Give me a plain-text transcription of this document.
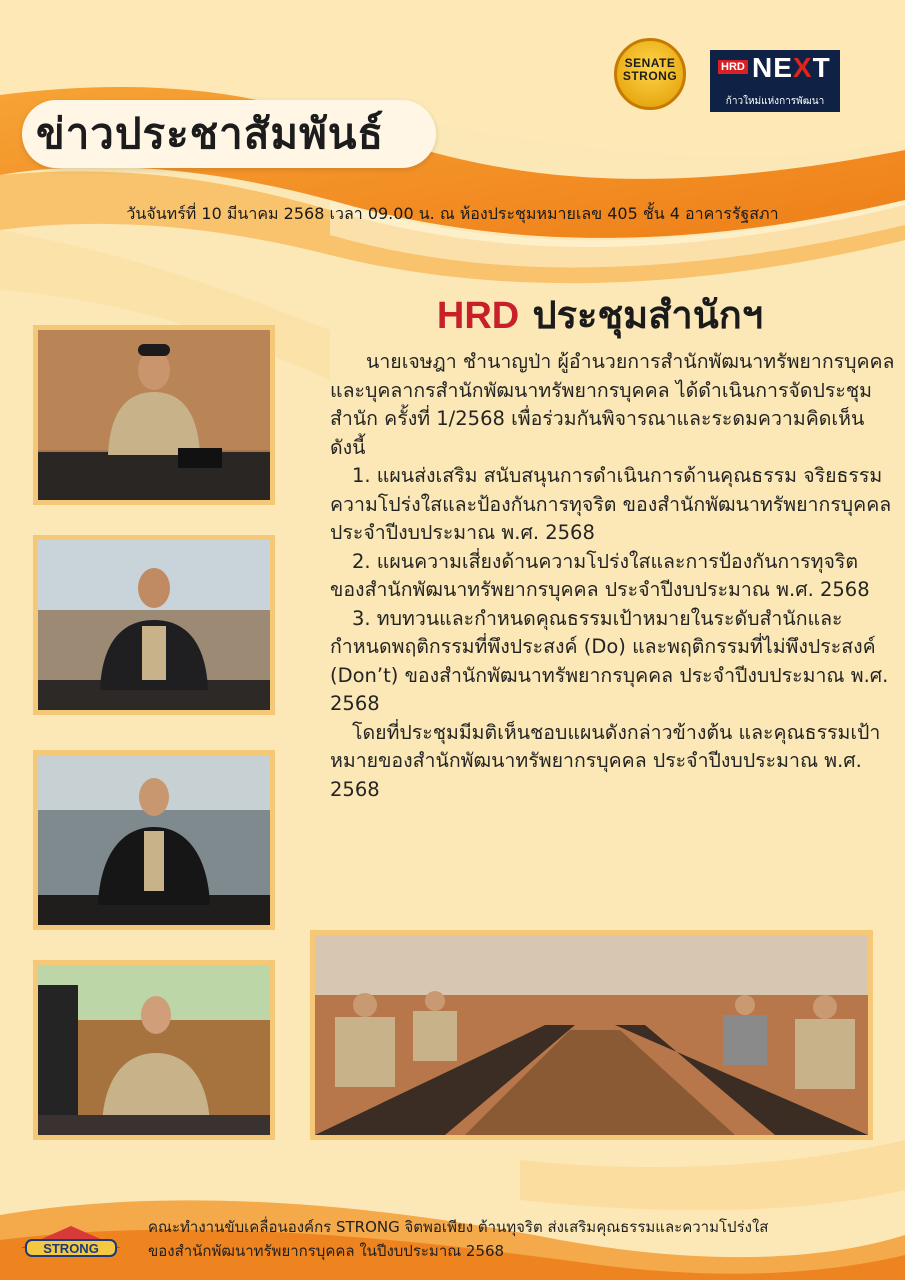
ข่าวประชาสัมพันธ์
วันจันทร์ที่ 10 มีนาคม 2568 เวลา 09.00 น. ณ ห้องประชุมหมายเลข 405 ชั้น 4 อาคารรัฐสภา
SENATE
STRONG
HRD NEXT
ก้าวใหม่แห่งการพัฒนา
HRD ประชุมสำนักฯ

นายเจษฎา ชำนาญป่า ผู้อำนวยการสำนักพัฒนาทรัพยากรบุคคล และบุคลากรสำนักพัฒนาทรัพยากรบุคคล ได้ดำเนินการจัดประชุมสำนัก ครั้งที่ 1/2568 เพื่อร่วมกันพิจารณาและระดมความคิดเห็น ดังนี้

1. แผนส่งเสริม สนับสนุนการดำเนินการด้านคุณธรรม จริยธรรม ความโปร่งใสและป้องกันการทุจริต ของสำนักพัฒนาทรัพยากรบุคคล ประจำปีงบประมาณ พ.ศ. 2568

2. แผนความเสี่ยงด้านความโปร่งใสและการป้องกันการทุจริต ของสำนักพัฒนาทรัพยากรบุคคล ประจำปีงบประมาณ พ.ศ. 2568

3. ทบทวนและกำหนดคุณธรรมเป้าหมายในระดับสำนักและกำหนดพฤติกรรมที่พึงประสงค์ (Do) และพฤติกรรมที่ไม่พึงประสงค์ (Don’t) ของสำนักพัฒนาทรัพยากรบุคคล ประจำปีงบประมาณ พ.ศ. 2568

โดยที่ประชุมมีมติเห็นชอบแผนดังกล่าวข้างต้น และคุณธรรมเป้าหมายของสำนักพัฒนาทรัพยากรบุคคล ประจำปีงบประมาณ พ.ศ. 2568

STRONG
คณะทำงานขับเคลื่อนองค์กร STRONG จิตพอเพียง ต้านทุจริต ส่งเสริมคุณธรรมและความโปร่งใส
ของสำนักพัฒนาทรัพยากรบุคคล ในปีงบประมาณ 2568
